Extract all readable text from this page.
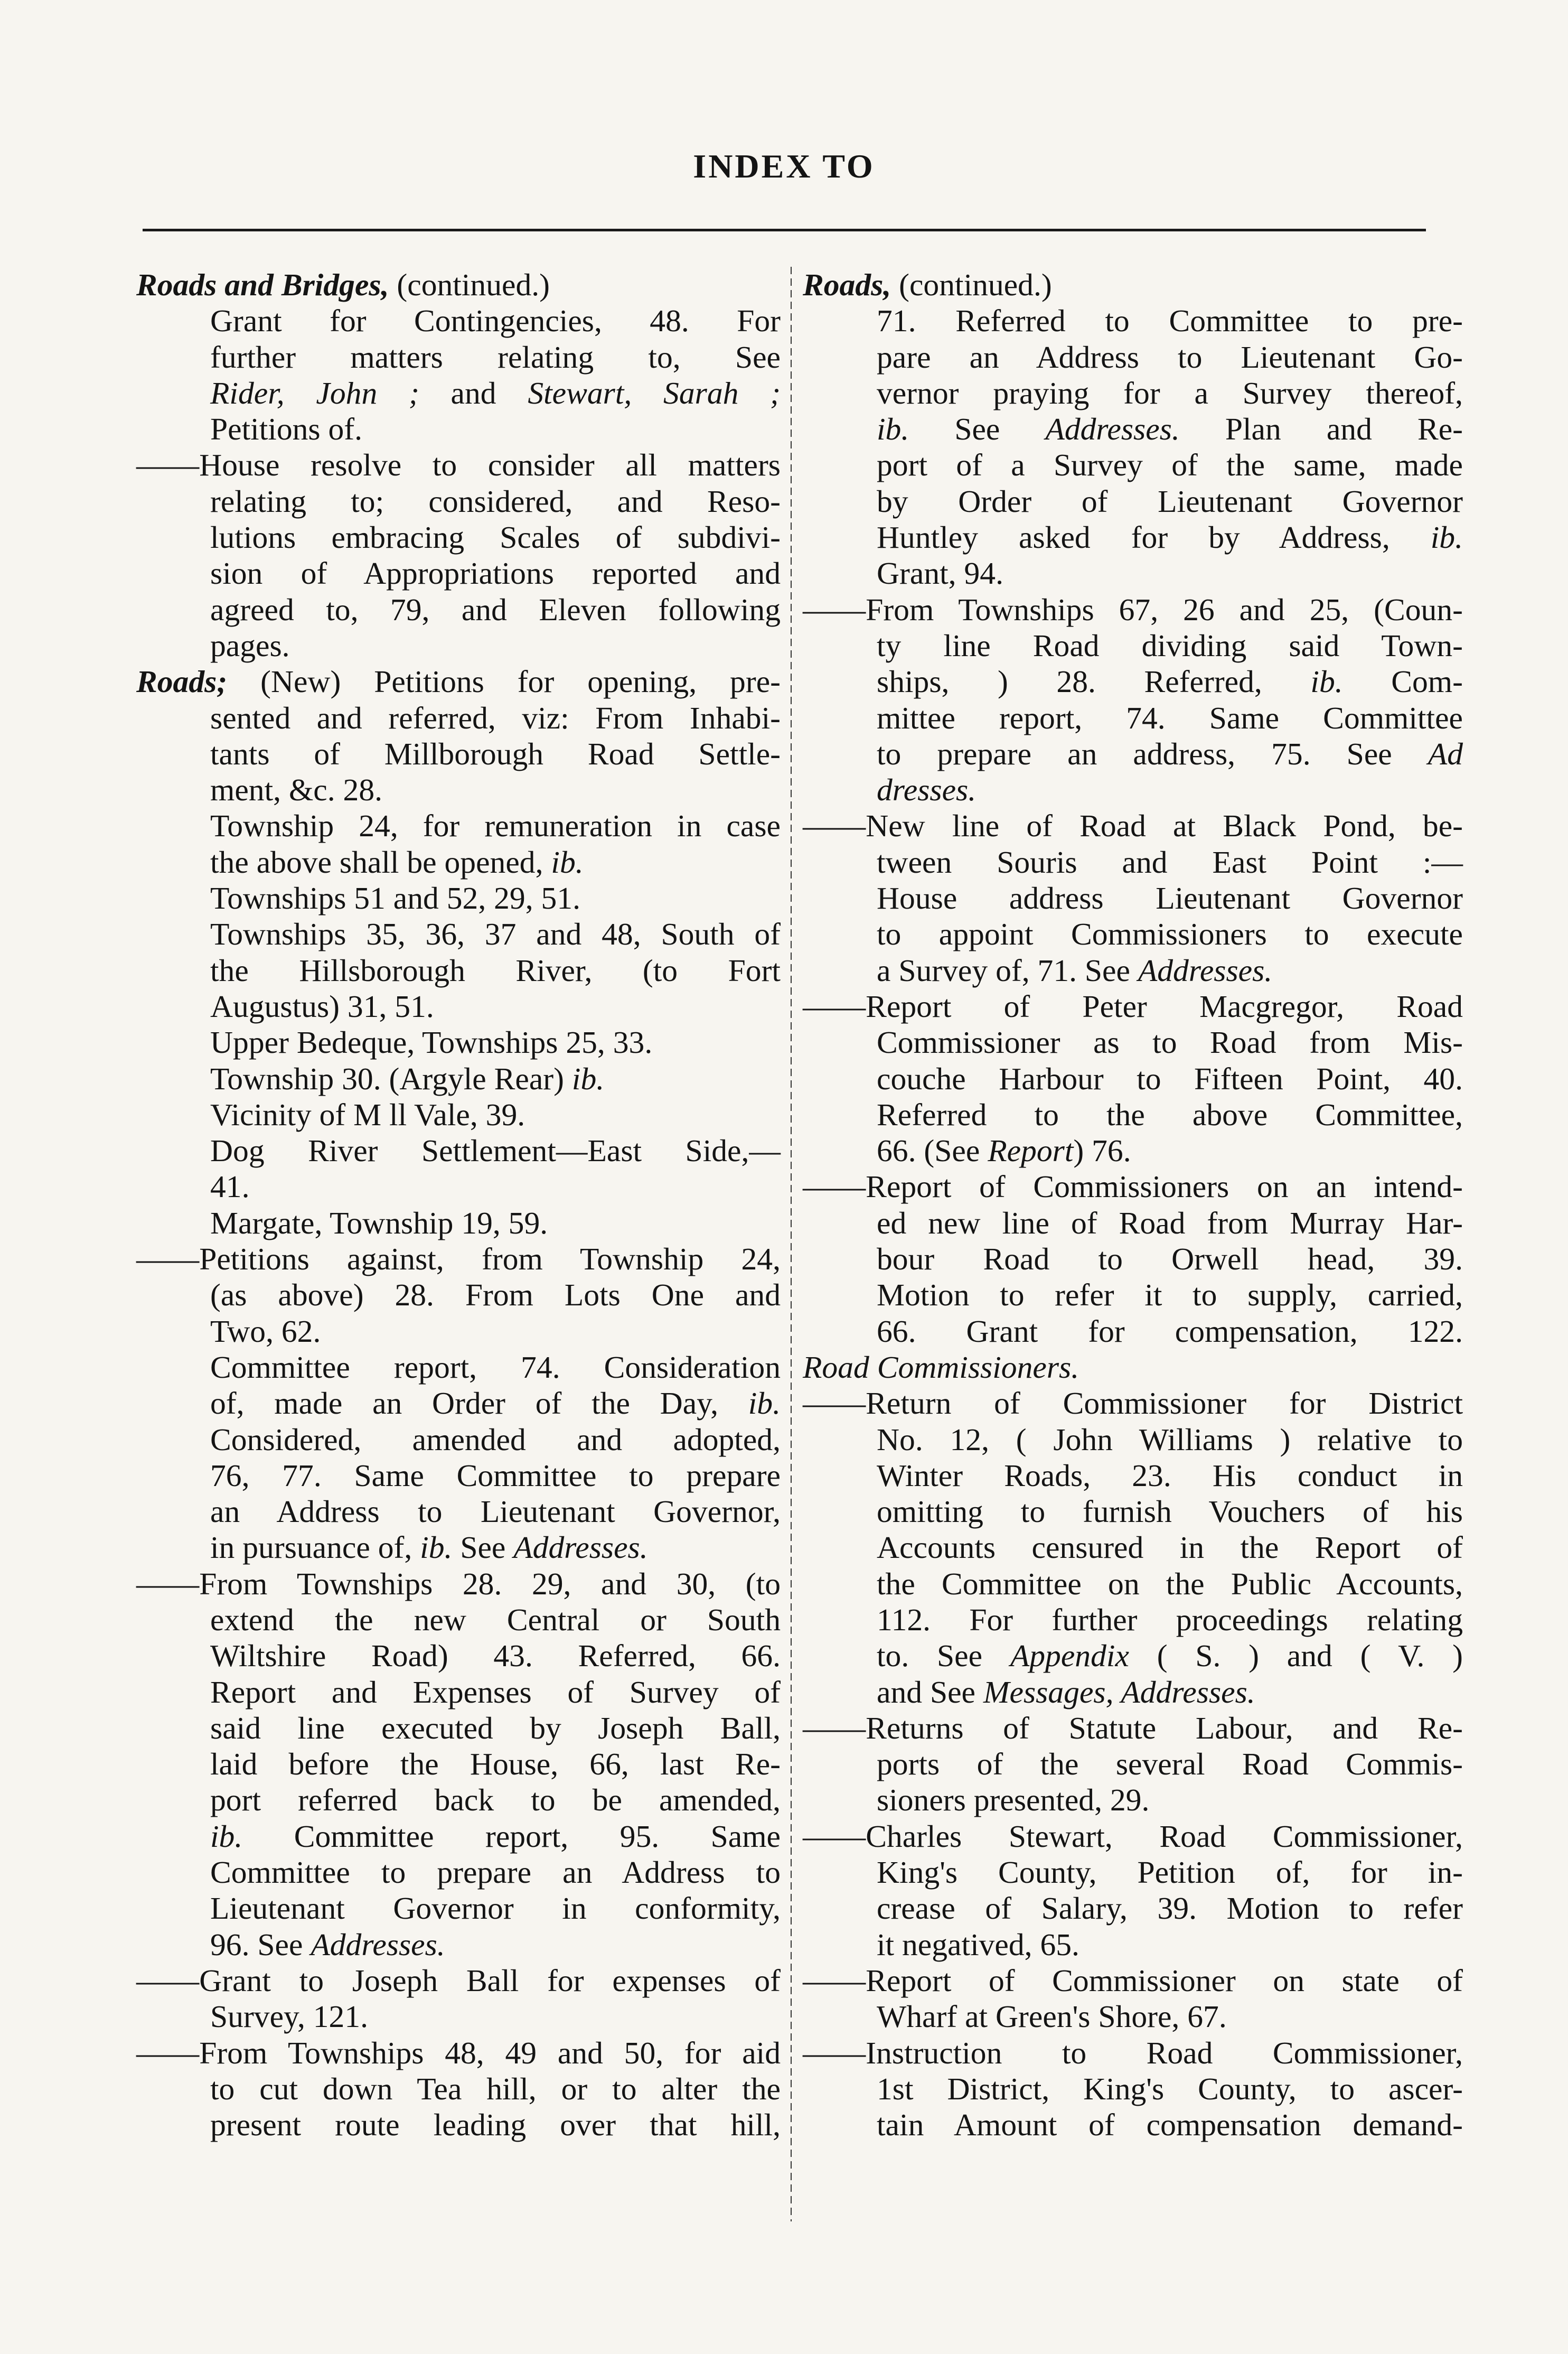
INDEX TO
Roads and Bridges, (continued.)
Grant for Contingencies, 48. For
further matters relating to, See
Rider, John ; and Stewart, Sarah ;
Petitions of.
——House resolve to consider all matters
relating to; considered, and Reso-
lutions embracing Scales of subdivi-
sion of Appropriations reported and
agreed to, 79, and Eleven following
pages.
Roads; (New) Petitions for opening, pre-
sented and referred, viz: From Inhabi-
tants of Millborough Road Settle-
ment, &c. 28.
Township 24, for remuneration in case
the above shall be opened, ib.
Townships 51 and 52, 29, 51.
Townships 35, 36, 37 and 48, South of
the Hillsborough River, (to Fort
Augustus) 31, 51.
Upper Bedeque, Townships 25, 33.
Township 30. (Argyle Rear) ib.
Vicinity of M ll Vale, 39.
Dog River Settlement—East Side,—
41.
Margate, Township 19, 59.
——Petitions against, from Township 24,
(as above) 28. From Lots One and
Two, 62.
Committee report, 74. Consideration
of, made an Order of the Day, ib.
Considered, amended and adopted,
76, 77. Same Committee to prepare
an Address to Lieutenant Governor,
in pursuance of, ib. See Addresses.
——From Townships 28. 29, and 30, (to
extend the new Central or South
Wiltshire Road) 43. Referred, 66.
Report and Expenses of Survey of
said line executed by Joseph Ball,
laid before the House, 66, last Re-
port referred back to be amended,
ib. Committee report, 95. Same
Committee to prepare an Address to
Lieutenant Governor in conformity,
96. See Addresses.
——Grant to Joseph Ball for expenses of
Survey, 121.
——From Townships 48, 49 and 50, for aid
to cut down Tea hill, or to alter the
present route leading over that hill,
Roads, (continued.)
71. Referred to Committee to pre-
pare an Address to Lieutenant Go-
vernor praying for a Survey thereof,
ib. See Addresses. Plan and Re-
port of a Survey of the same, made
by Order of Lieutenant Governor
Huntley asked for by Address, ib.
Grant, 94.
——From Townships 67, 26 and 25, (Coun-
ty line Road dividing said Town-
ships, ) 28. Referred, ib. Com-
mittee report, 74. Same Committee
to prepare an address, 75. See Ad
dresses.
——New line of Road at Black Pond, be-
tween Souris and East Point :—
House address Lieutenant Governor
to appoint Commissioners to execute
a Survey of, 71. See Addresses.
——Report of Peter Macgregor, Road
Commissioner as to Road from Mis-
couche Harbour to Fifteen Point, 40.
Referred to the above Committee,
66. (See Report) 76.
——Report of Commissioners on an intend-
ed new line of Road from Murray Har-
bour Road to Orwell head, 39.
Motion to refer it to supply, carried,
66. Grant for compensation, 122.
Road Commissioners.
——Return of Commissioner for District
No. 12, ( John Williams ) relative to
Winter Roads, 23. His conduct in
omitting to furnish Vouchers of his
Accounts censured in the Report of
the Committee on the Public Accounts,
112. For further proceedings relating
to. See Appendix ( S. ) and ( V. )
and See Messages, Addresses.
——Returns of Statute Labour, and Re-
ports of the several Road Commis-
sioners presented, 29.
——Charles Stewart, Road Commissioner,
King's County, Petition of, for in-
crease of Salary, 39. Motion to refer
it negatived, 65.
——Report of Commissioner on state of
Wharf at Green's Shore, 67.
——Instruction to Road Commissioner,
1st District, King's County, to ascer-
tain Amount of compensation demand-
